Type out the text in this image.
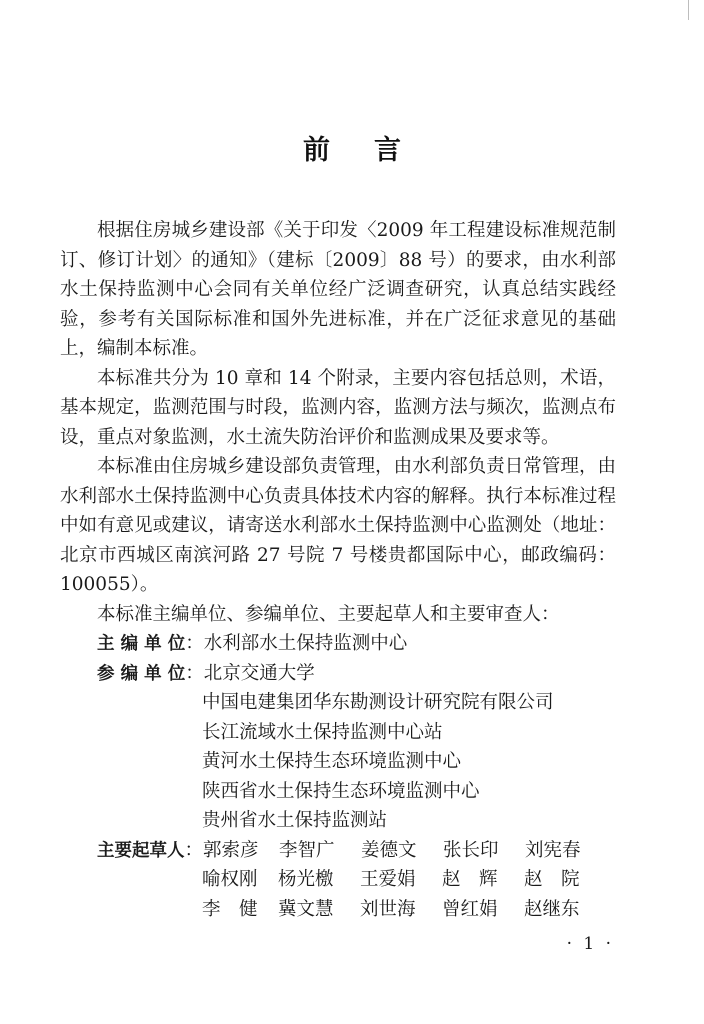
前言

根据住房城乡建设部《关于印发〈2009 年工程建设标准规范制订、修订计划〉的通知》（建标〔2009〕88 号）的要求，由水利部水土保持监测中心会同有关单位经广泛调查研究，认真总结实践经验，参考有关国际标准和国外先进标准，并在广泛征求意见的基础上，编制本标准。

本标准共分为 10 章和 14 个附录，主要内容包括总则，术语，基本规定，监测范围与时段，监测内容，监测方法与频次，监测点布设，重点对象监测，水土流失防治评价和监测成果及要求等。

本标准由住房城乡建设部负责管理，由水利部负责日常管理，由水利部水土保持监测中心负责具体技术内容的解释。执行本标准过程中如有意见或建议，请寄送水利部水土保持监测中心监测处（地址：北京市西城区南滨河路 27 号院 7 号楼贵都国际中心，邮政编码：100055）。

本标准主编单位、参编单位、主要起草人和主要审查人：

主 编 单 位 ： 水利部水土保持监测中心
参 编 单 位 ： 北京交通大学
中国电建集团华东勘测设计研究院有限公司
长江流域水土保持监测中心站
黄河水土保持生态环境监测中心
陕西省水土保持生态环境监测中心
贵州省水土保持监测站
主要起草人 ： 郭索彦	李智广	姜德文	张长印	刘宪春
喻权刚	杨光檄	王爱娟	赵　辉	赵　院
李　健	冀文慧	刘世海	曾红娟	赵继东
· 1 ·
